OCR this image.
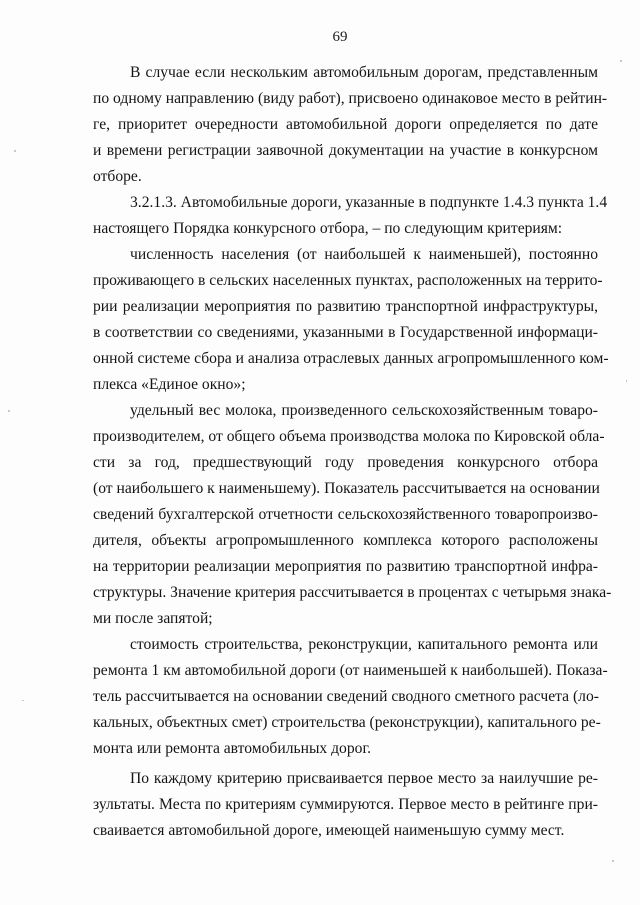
69

В случае если нескольким автомобильным дорогам, представленным

по одному направлению (виду работ), присвоено одинаковое место в рейтин-

ге, приоритет очередности автомобильной дороги определяется по дате

и времени регистрации заявочной документации на участие в конкурсном

отборе.

3.2.1.3. Автомобильные дороги, указанные в подпункте 1.4.3 пункта 1.4

настоящего Порядка конкурсного отбора, – по следующим критериям:

численность населения (от наибольшей к наименьшей), постоянно

проживающего в сельских населенных пунктах, расположенных на террито-

рии реализации мероприятия по развитию транспортной инфраструктуры,

в соответствии со сведениями, указанными в Государственной информаци-

онной системе сбора и анализа отраслевых данных агропромышленного ком-

плекса «Единое окно»;

удельный вес молока, произведенного сельскохозяйственным товаро-

производителем, от общего объема производства молока по Кировской обла-

сти за год, предшествующий году проведения конкурсного отбора

(от наибольшего к наименьшему). Показатель рассчитывается на основании

сведений бухгалтерской отчетности сельскохозяйственного товаропроизво-

дителя, объекты агропромышленного комплекса которого расположены

на территории реализации мероприятия по развитию транспортной инфра-

структуры. Значение критерия рассчитывается в процентах с четырьмя знака-

ми после запятой;

стоимость строительства, реконструкции, капитального ремонта или

ремонта 1 км автомобильной дороги (от наименьшей к наибольшей). Показа-

тель рассчитывается на основании сведений сводного сметного расчета (ло-

кальных, объектных смет) строительства (реконструкции), капитального ре-

монта или ремонта автомобильных дорог.

По каждому критерию присваивается первое место за наилучшие ре-

зультаты. Места по критериям суммируются. Первое место в рейтинге при-

сваивается автомобильной дороге, имеющей наименьшую сумму мест.
